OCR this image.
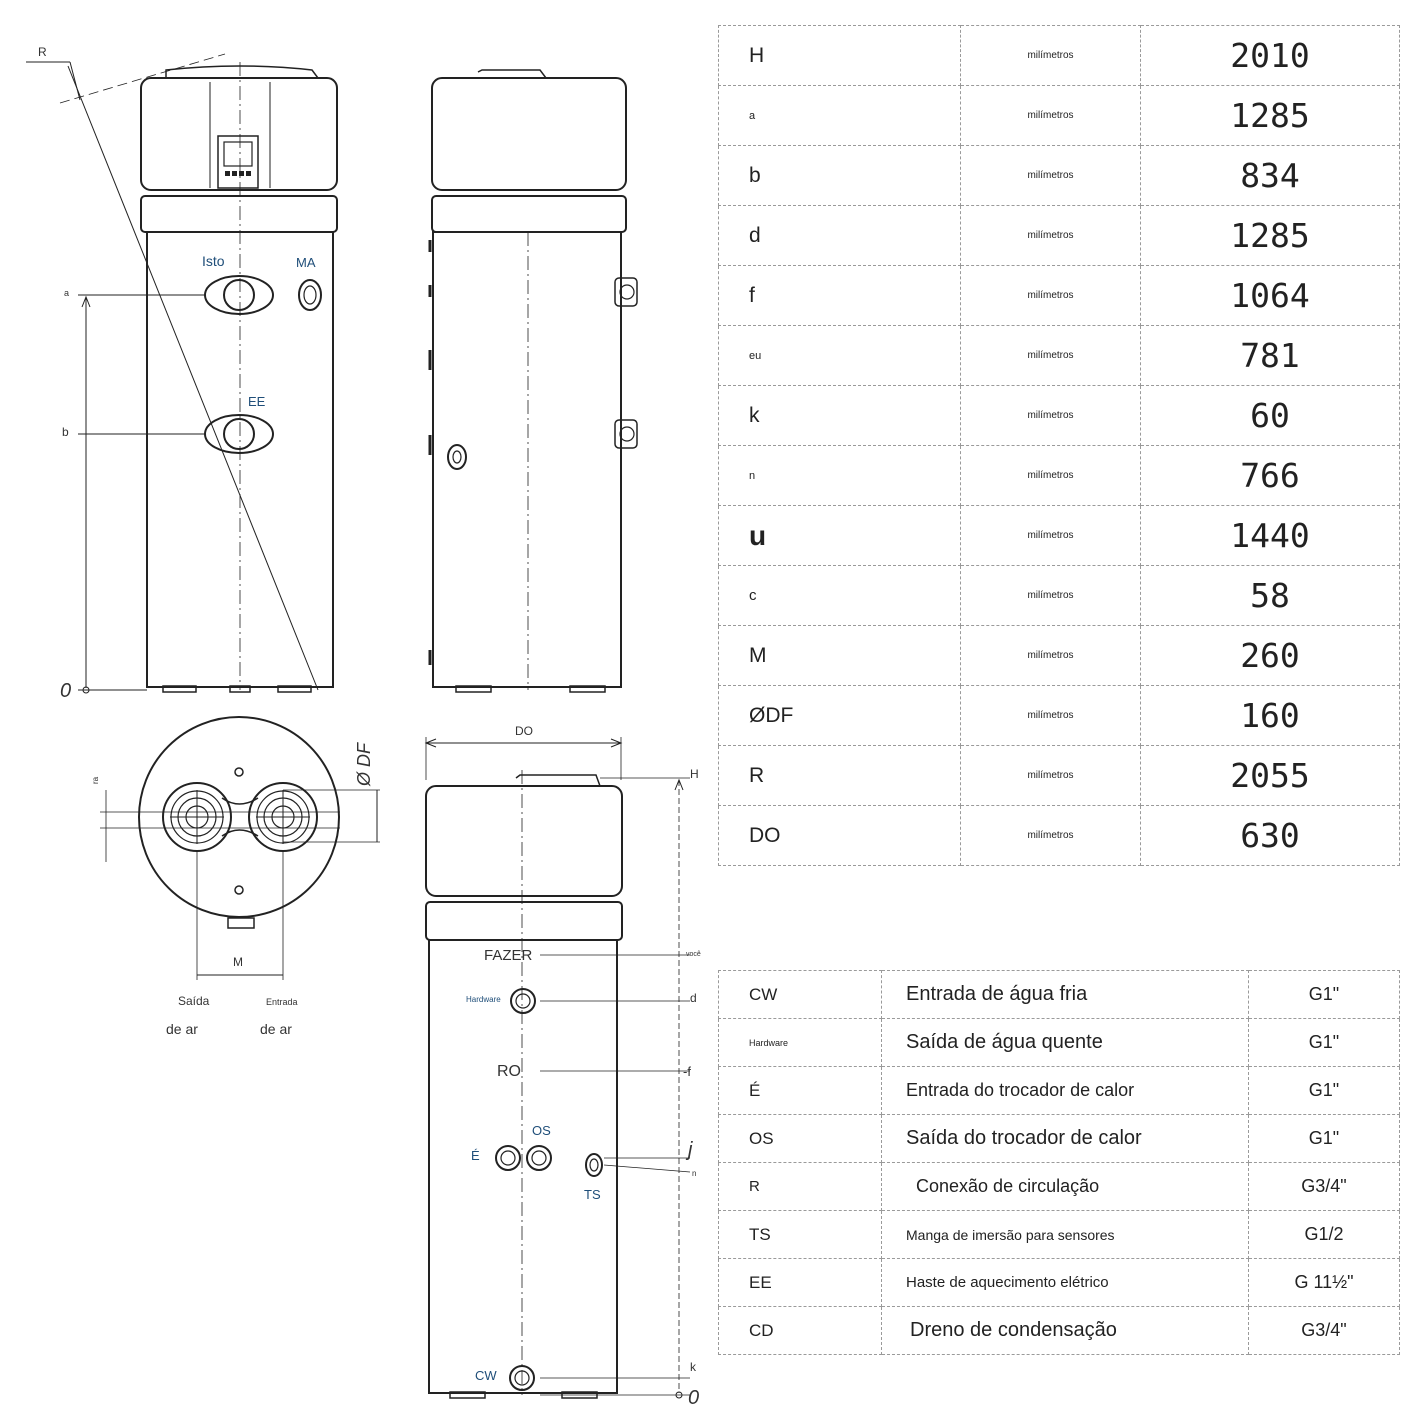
R
a
b
0
Isto	MA
EE
ra	Ø DF
M
Saída	Entrada
de ar	de ar
DO
H
você
FAZER
Hardware	d
RO	-f
OS
É	j
n
TS
k
CW
0
H	milímetros	2010
a	milímetros	1285
b	milímetros	834
d	milímetros	1285
f	milímetros	1064
eu	milímetros	781
k	milímetros	60
n	milímetros	766
u	milímetros	1440
c	milímetros	58
M	milímetros	260
ØDF	milímetros	160
R	milímetros	2055
DO	milímetros	630
CW	Entrada de água fria	G1"
Hardware	Saída de água quente	G1"
É	Entrada do trocador de calor	G1"
OS	Saída do trocador de calor	G1"
R	Conexão de circulação	G3/4"
TS	Manga de imersão para sensores	G1/2
EE	Haste de aquecimento elétrico	G 11½"
CD	Dreno de condensação	G3/4"
